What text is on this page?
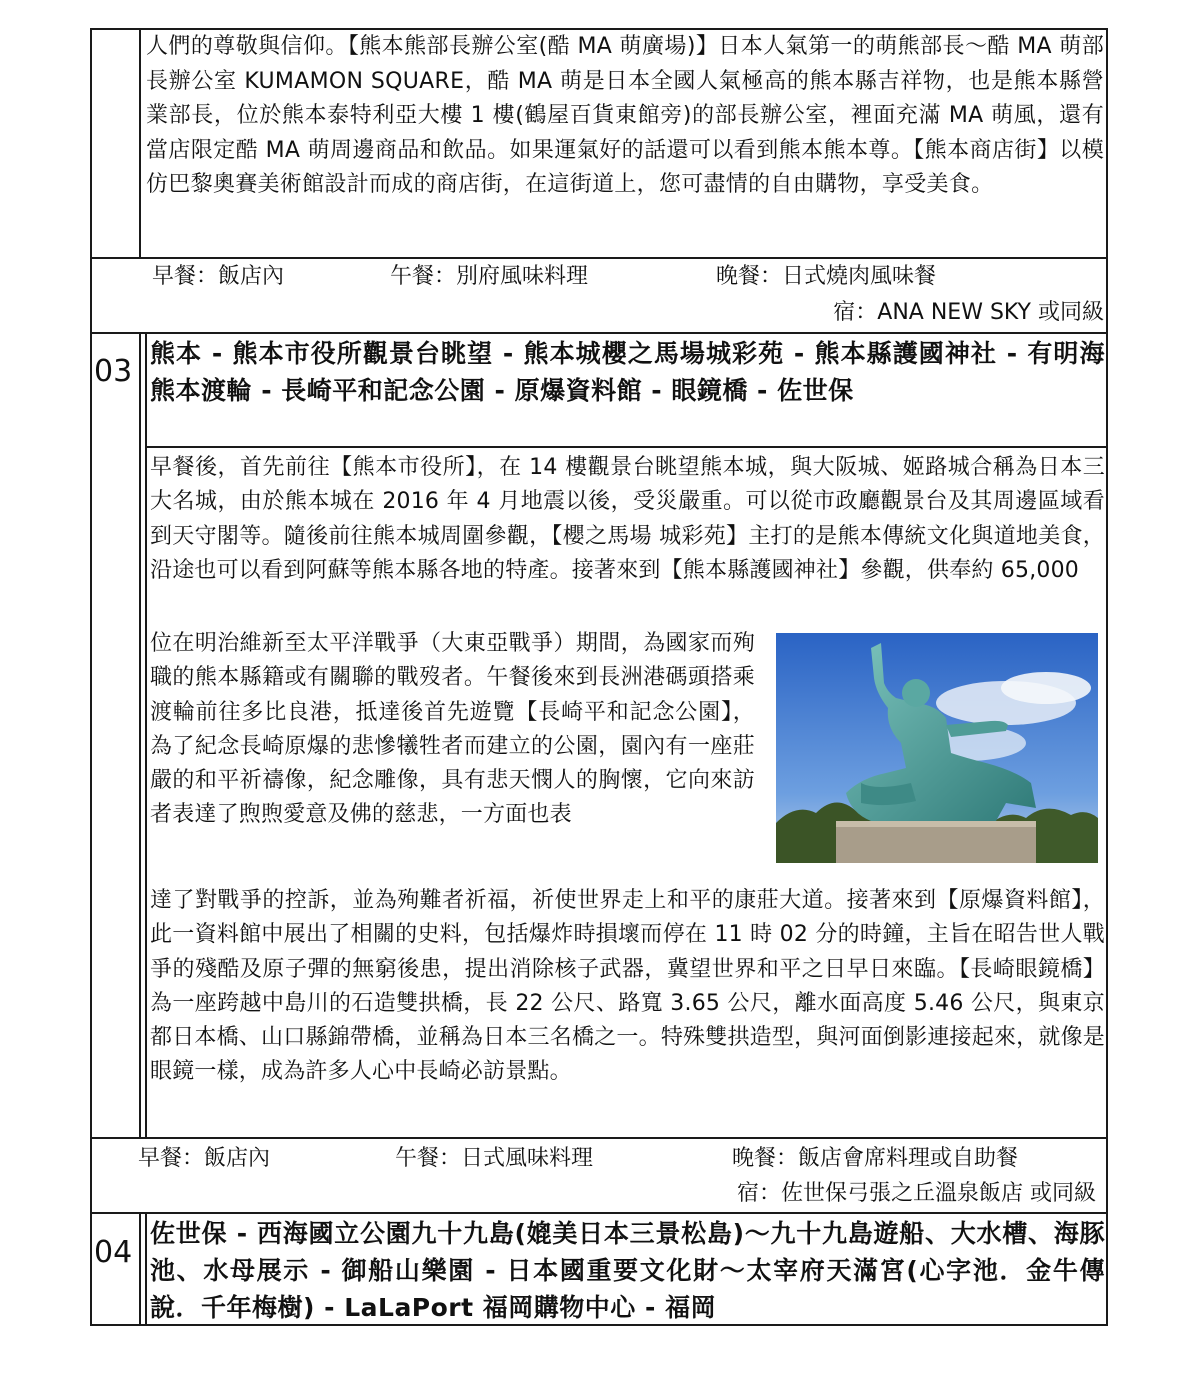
人們的尊敬與信仰。【熊本熊部長辦公室(酷 MA 萌廣場)】日本人氣第一的萌熊部長～酷 MA 萌部長辦公室 KUMAMON SQUARE，酷 MA 萌是日本全國人氣極高的熊本縣吉祥物，也是熊本縣營業部長，位於熊本泰特利亞大樓 1 樓(鶴屋百貨東館旁)的部長辦公室，裡面充滿 MA 萌風，還有當店限定酷 MA 萌周邊商品和飲品。如果運氣好的話還可以看到熊本熊本尊。【熊本商店街】以模仿巴黎奧賽美術館設計而成的商店街，在這街道上，您可盡情的自由購物，享受美食。
早餐：飯店內	午餐：別府風味料理	晚餐：日式燒肉風味餐
宿：ANA NEW SKY 或同級
03
熊本 - 熊本市役所觀景台眺望 - 熊本城櫻之馬場城彩苑 - 熊本縣護國神社 - 有明海熊本渡輪 - 長崎平和記念公園 - 原爆資料館 - 眼鏡橋 - 佐世保
早餐後，首先前往【熊本市役所】，在 14 樓觀景台眺望熊本城，與大阪城、姬路城合稱為日本三大名城，由於熊本城在 2016 年 4 月地震以後，受災嚴重。可以從市政廳觀景台及其周邊區域看到天守閣等。隨後前往熊本城周圍參觀，【櫻之馬場 城彩苑】主打的是熊本傳統文化與道地美食，沿途也可以看到阿蘇等熊本縣各地的特產。接著來到【熊本縣護國神社】參觀，供奉約 65,000
位在明治維新至太平洋戰爭（大東亞戰爭）期間，為國家而殉職的熊本縣籍或有關聯的戰歿者。午餐後來到長洲港碼頭搭乘渡輪前往多比良港，抵達後首先遊覽【長崎平和記念公園】，為了紀念長崎原爆的悲慘犧牲者而建立的公園，園內有一座莊嚴的和平祈禱像，紀念雕像，具有悲天憫人的胸懷，它向來訪者表達了煦煦愛意及佛的慈悲，一方面也表
達了對戰爭的控訴，並為殉難者祈福，祈使世界走上和平的康莊大道。接著來到【原爆資料館】，此一資料館中展出了相關的史料，包括爆炸時損壞而停在 11 時 02 分的時鐘，主旨在昭告世人戰爭的殘酷及原子彈的無窮後患，提出消除核子武器，冀望世界和平之日早日來臨。【長崎眼鏡橋】為一座跨越中島川的石造雙拱橋，長 22 公尺、路寬 3.65 公尺，離水面高度 5.46 公尺，與東京都日本橋、山口縣錦帶橋，並稱為日本三名橋之一。特殊雙拱造型，與河面倒影連接起來，就像是眼鏡一樣，成為許多人心中長崎必訪景點。
早餐：飯店內	午餐：日式風味料理	晚餐：飯店會席料理或自助餐
宿：佐世保弓張之丘溫泉飯店 或同級
04
佐世保 - 西海國立公園九十九島(媲美日本三景松島)～九十九島遊船、大水槽、海豚池、水母展示 - 御船山樂園 - 日本國重要文化財～太宰府天滿宮(心字池．金牛傳說．千年梅樹) - LaLaPort 福岡購物中心 - 福岡
